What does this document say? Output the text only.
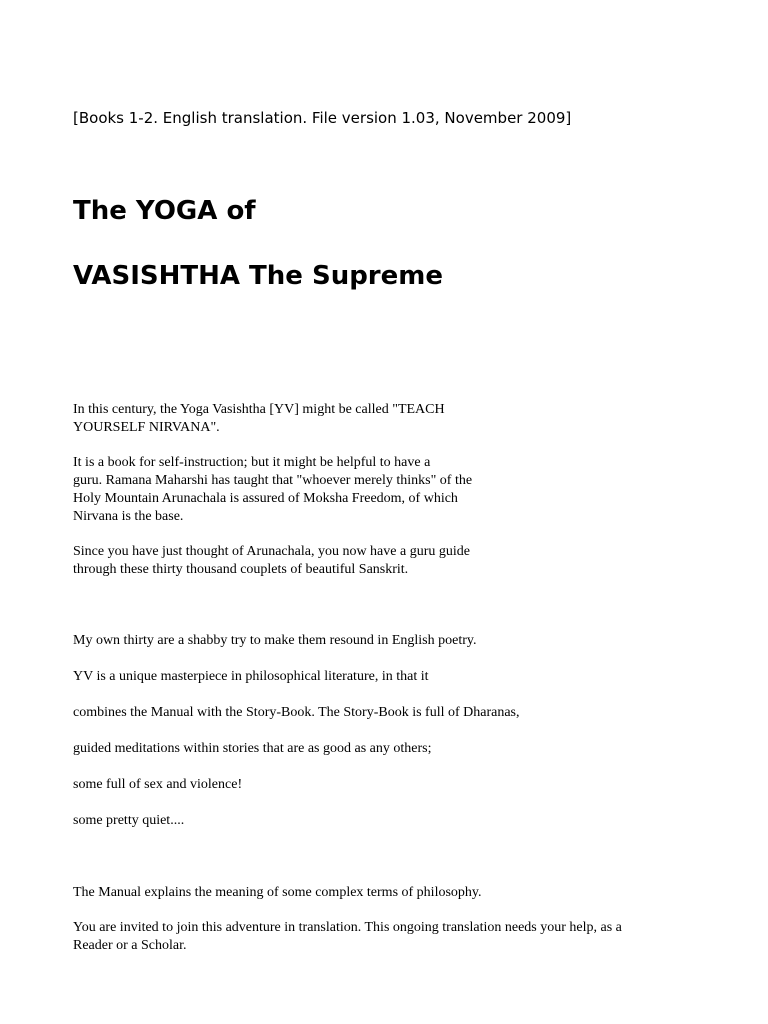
[Books 1-2. English translation. File version 1.03, November 2009]
The YOGA of
VASISHTHA The Supreme

In this century, the Yoga Vasishtha [YV] might be called "TEACH
YOURSELF NIRVANA".

It is a book for self-instruction; but it might be helpful to have a
guru. Ramana Maharshi has taught that "whoever merely thinks" of the
Holy Mountain Arunachala is assured of Moksha Freedom, of which
Nirvana is the base.

Since you have just thought of Arunachala, you now have a guru guide
through these thirty thousand couplets of beautiful Sanskrit.

My own thirty are a shabby try to make them resound in English poetry.

YV is a unique masterpiece in philosophical literature, in that it

combines the Manual with the Story-Book. The Story-Book is full of Dharanas,

guided meditations within stories that are as good as any others;

some full of sex and violence!

some pretty quiet....

The Manual explains the meaning of some complex terms of philosophy.

You are invited to join this adventure in translation. This ongoing translation needs your help, as a
Reader or a Scholar.
